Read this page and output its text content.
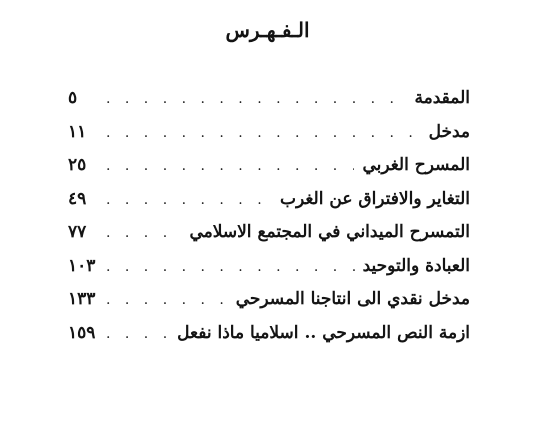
الـفـهـرس
المقدمة
. . .
٥
مدخل
. . .
١١
المسرح الغربي
. . .
٢٥
التغاير والافتراق عن الغرب
. . .
٤٩
التمسرح الميداني في المجتمع الاسلامي
. . .
٧٧
العبادة والتوحيد
. . .
١٠٣
مدخل نقدي الى انتاجنا المسرحي
. . .
١٣٣
ازمة النص المسرحي .. اسلاميا ماذا نفعل
. . .
١٥٩
